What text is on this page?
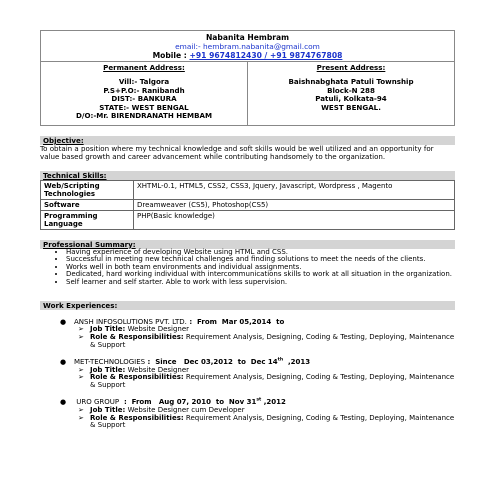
Nabanita Hembram
email:- hembram.nabanita@gmail.com
Mobile : +91 9674812430 / +91 9874767808
Permanent Address:
Vill:- Talgora
P.S+P.O:- Ranibandh
DIST:- BANKURA
STATE:- WEST BENGAL
D/O:-Mr. BIRENDRANATH HEMBAM
Present Address:
Baishnabghata Patuli Township
Block-N 288
Patuli, Kolkata-94
WEST BENGAL.
Objective:
To obtain a position where my technical knowledge and soft skills would be well utilized and an opportunity for value based growth and career advancement while contributing handsomely to the organization.
Technical Skills:
Web/Scripting Technologies	XHTML-0.1, HTML5, CSS2, CSS3, Jquery, Javascript, Wordpress , Magento
Software	Dreamweaver (CS5), Photoshop(CS5)
Programming Language	PHP(Basic knowledge)
Professional Summary:
• Having experience of developing Website using HTML and CSS.
• Successful in meeting new technical challenges and finding solutions to meet the needs of the clients.
• Works well in both team environments and individual assignments.
• Dedicated, hard working individual with intercommunications skills to work at all situation in the organization.
• Self learner and self starter. Able to work with less supervision.
Work Experiences:
●	ANSH INFOSOLUTIONS PVT. LTD. :  From  Mar 05,2014  to
➢ Job Title: Website Designer
➢ Role & Responsibilities: Requirement Analysis, Designing, Coding & Testing, Deploying, Maintenance & Support
●	MET-TECHNOLOGIES :  Since   Dec 03,2012  to  Dec 14th  ,2013
➢ Job Title: Website Designer
➢ Role & Responsibilities: Requirement Analysis, Designing, Coding & Testing, Deploying, Maintenance & Support
●	URO GROUP :  From   Aug 07, 2010  to  Nov 31st ,2012
➢ Job Title: Website Designer cum Developer
➢ Role & Responsibilities: Requirement Analysis, Designing, Coding & Testing, Deploying, Maintenance & Support
